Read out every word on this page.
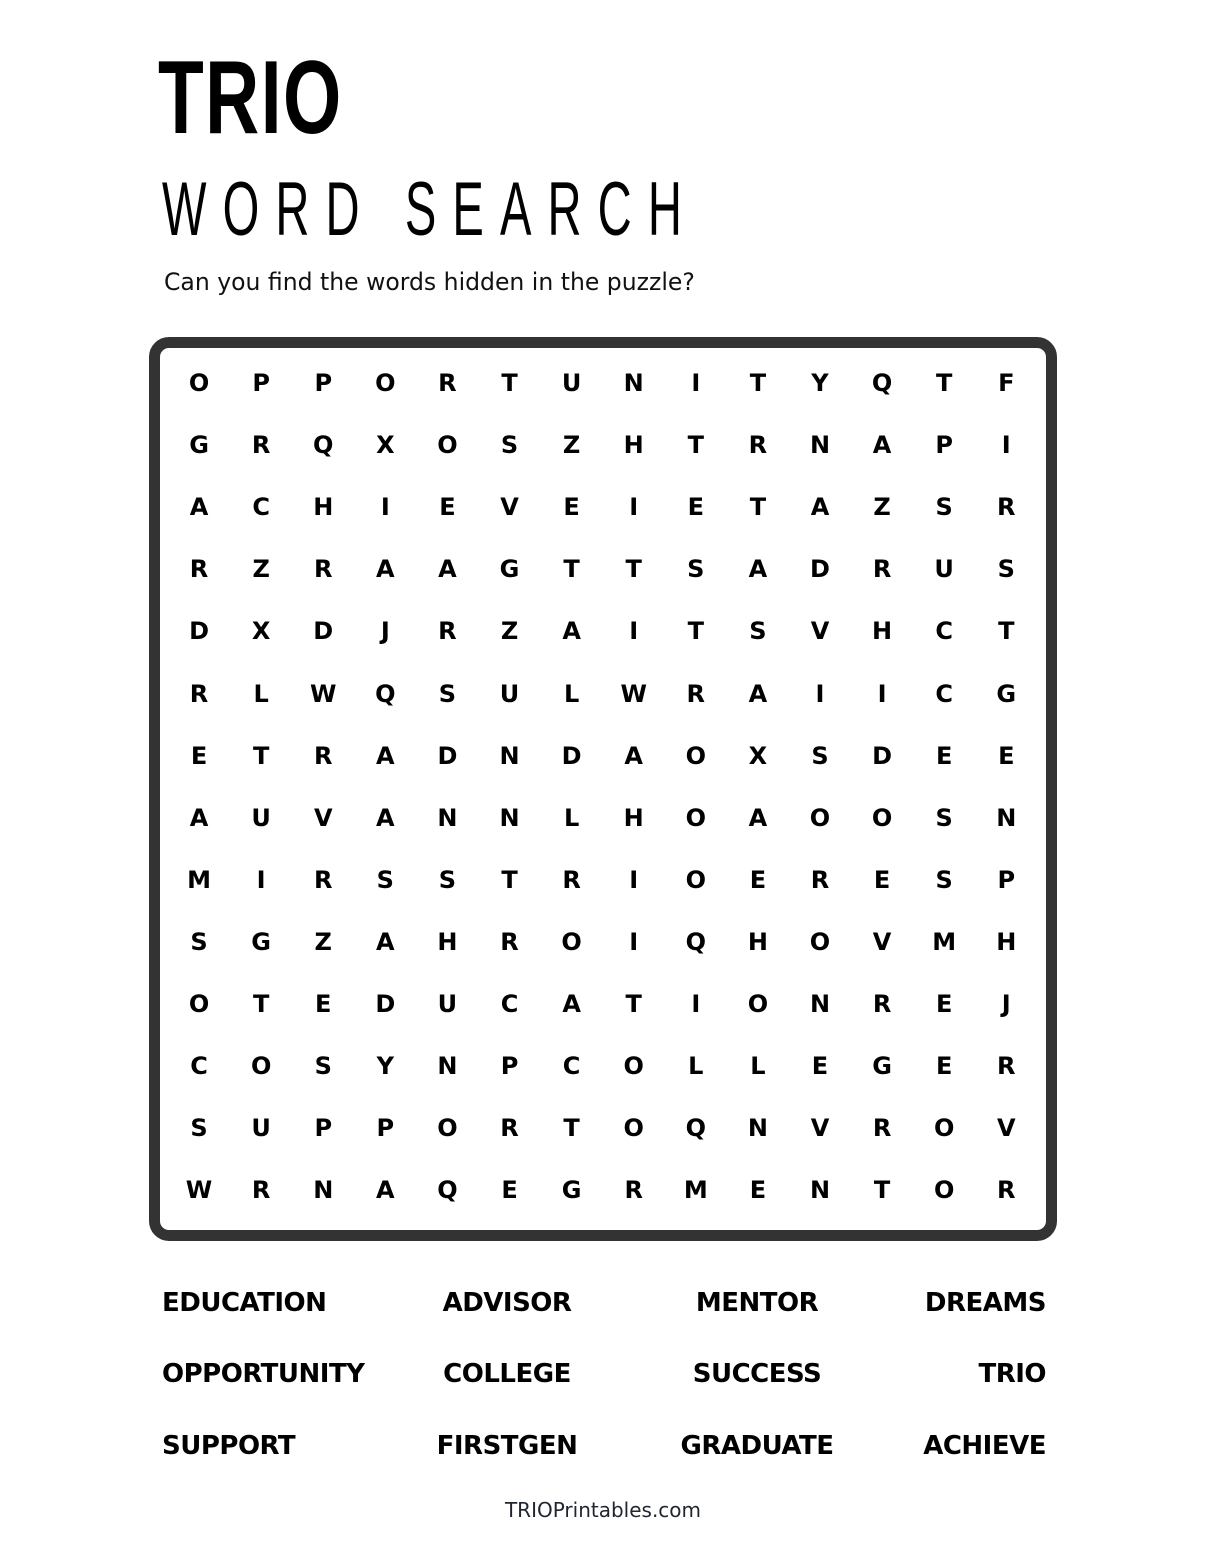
TRIO
WORD SEARCH

Can you find the words hidden in the puzzle?

O	P	P	O	R	T	U	N	I	T	Y	Q	T	F
G	R	Q	X	O	S	Z	H	T	R	N	A	P	I
A	C	H	I	E	V	E	I	E	T	A	Z	S	R
R	Z	R	A	A	G	T	T	S	A	D	R	U	S
D	X	D	J	R	Z	A	I	T	S	V	H	C	T
R	L	W	Q	S	U	L	W	R	A	I	I	C	G
E	T	R	A	D	N	D	A	O	X	S	D	E	E
A	U	V	A	N	N	L	H	O	A	O	O	S	N
M	I	R	S	S	T	R	I	O	E	R	E	S	P
S	G	Z	A	H	R	O	I	Q	H	O	V	M	H
O	T	E	D	U	C	A	T	I	O	N	R	E	J
C	O	S	Y	N	P	C	O	L	L	E	G	E	R
S	U	P	P	O	R	T	O	Q	N	V	R	O	V
W	R	N	A	Q	E	G	R	M	E	N	T	O	R
EDUCATION	ADVISOR	MENTOR	DREAMS
OPPORTUNITY	COLLEGE	SUCCESS	TRIO
SUPPORT	FIRSTGEN	GRADUATE	ACHIEVE
TRIOPrintables.com
